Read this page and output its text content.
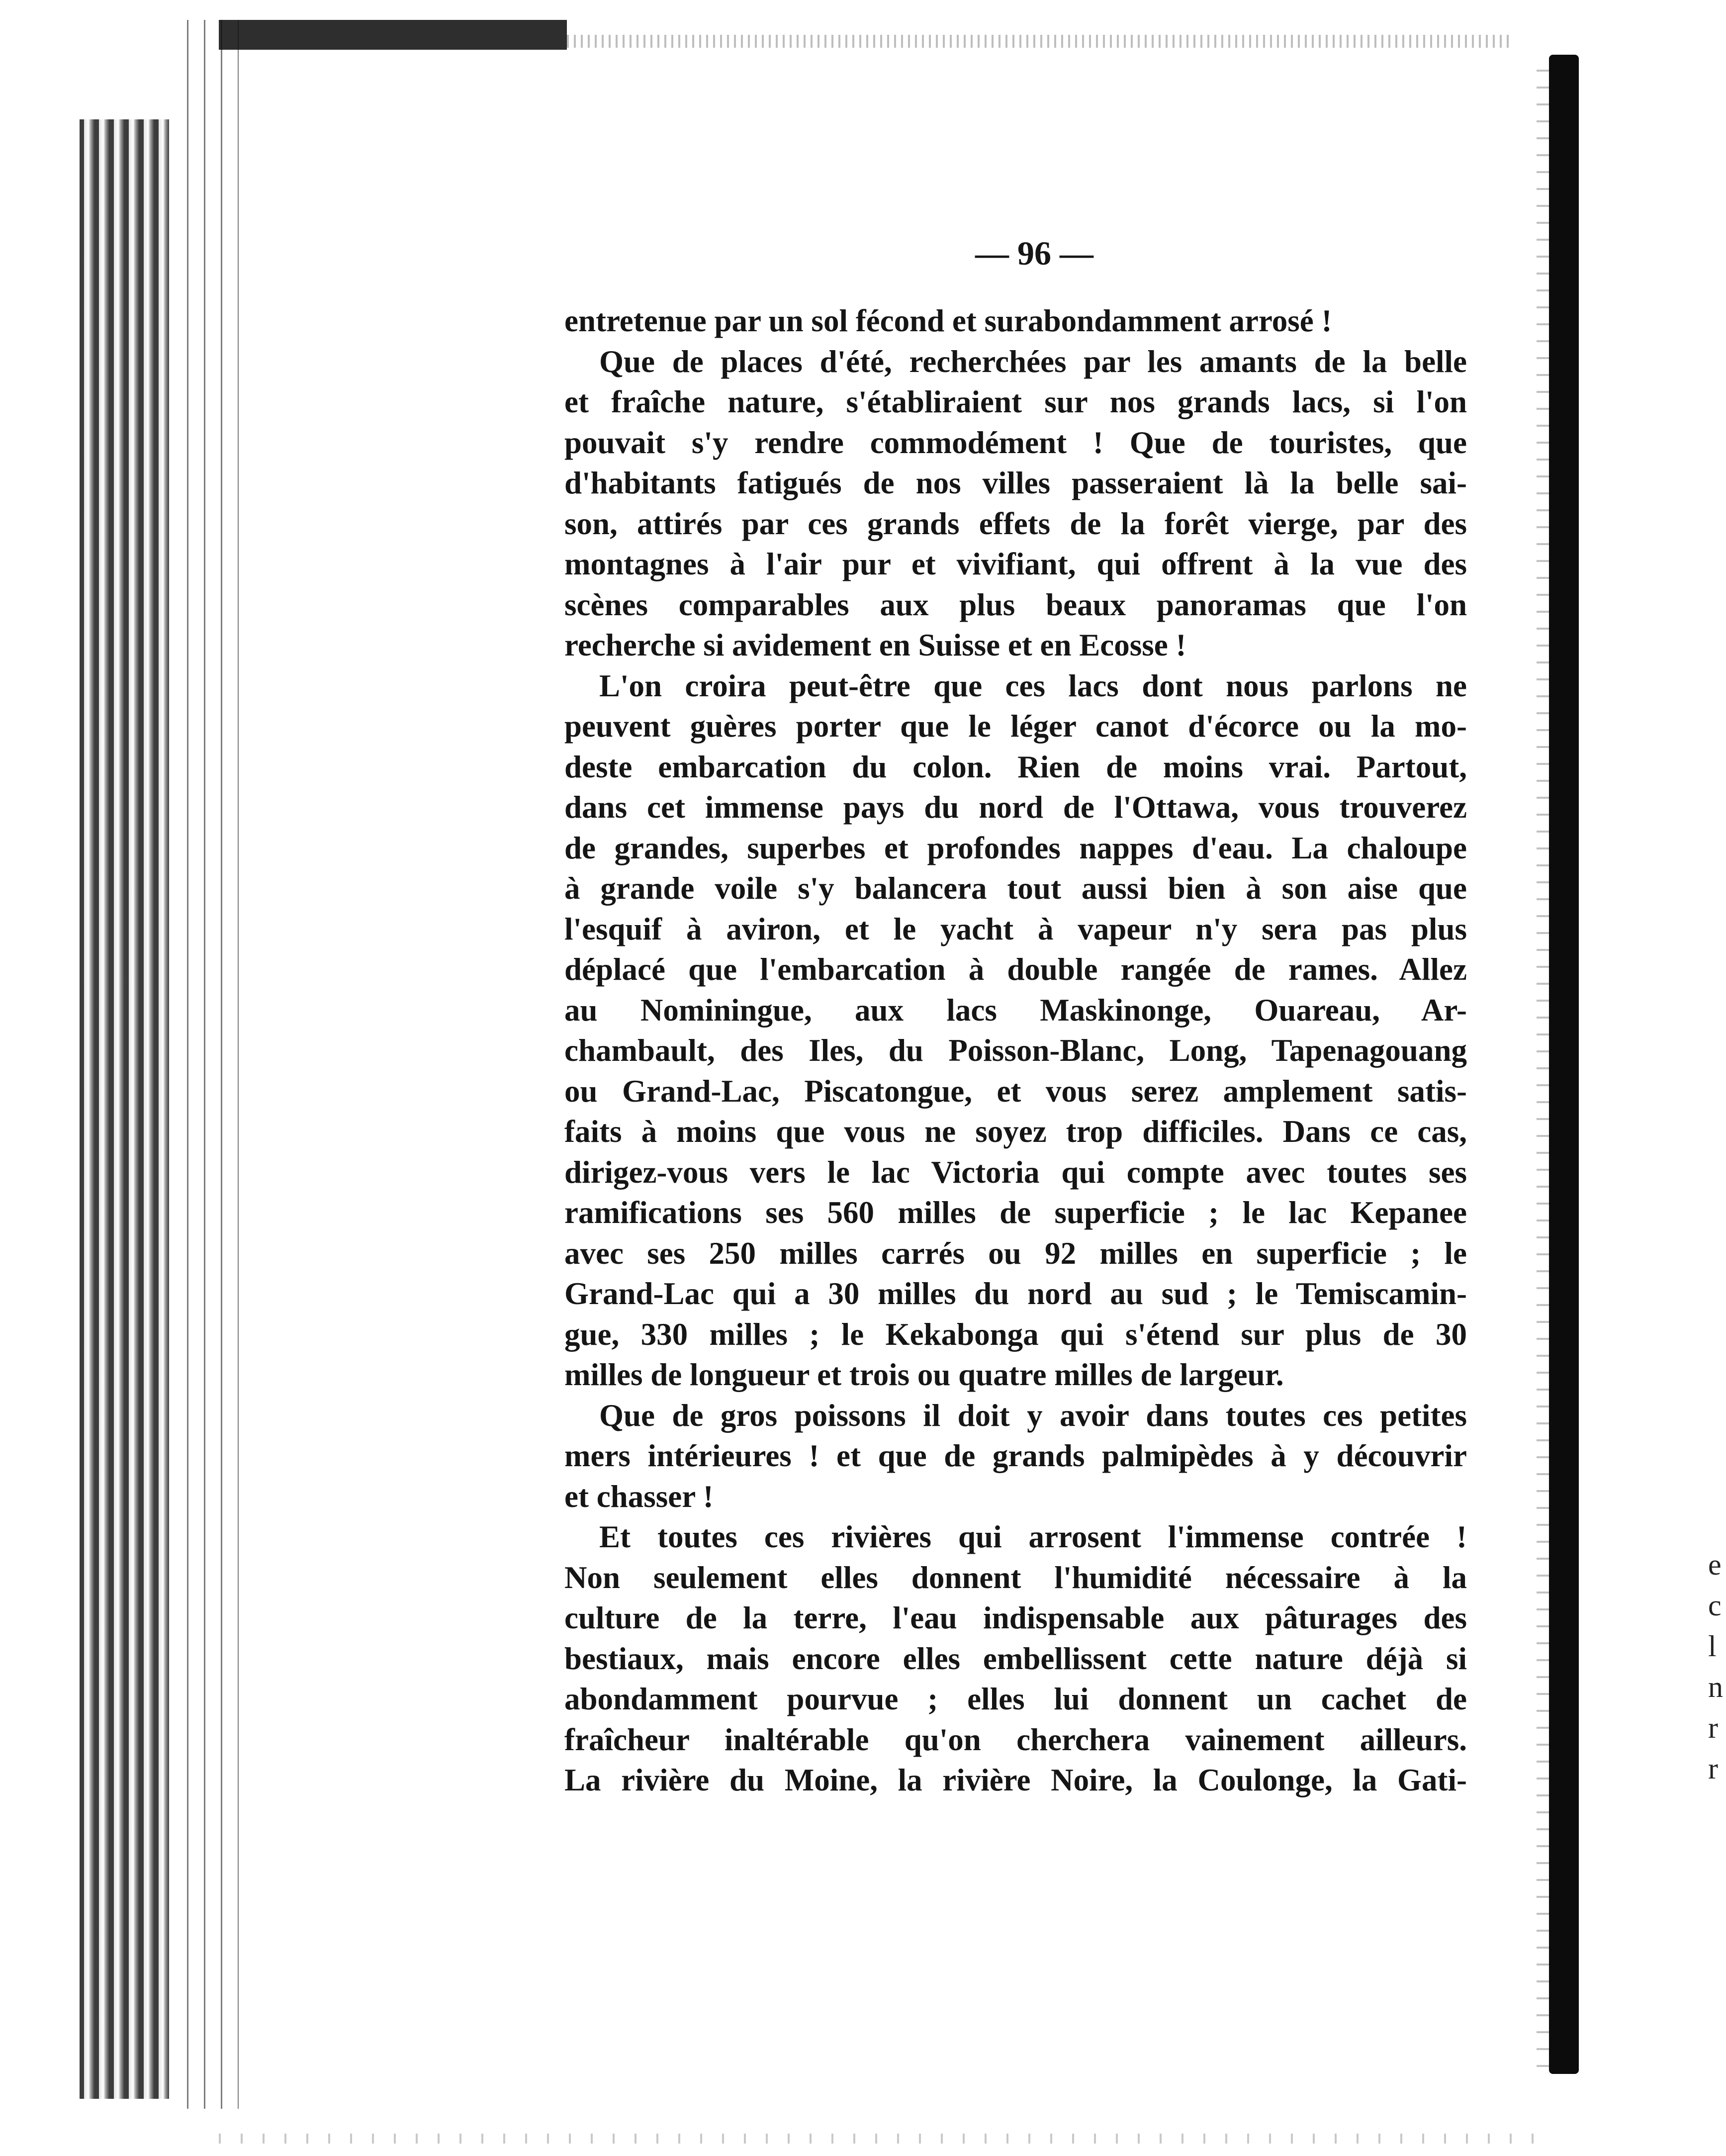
e
c
l
n
r
r
— 96 —
entretenue par un sol fécond et surabondamment arrosé !
Que de places d'été, recherchées par les amants de la belle
et fraîche nature, s'établiraient sur nos grands lacs, si l'on
pouvait s'y rendre commodément ! Que de touristes, que
d'habitants fatigués de nos villes passeraient là la belle sai-
son, attirés par ces grands effets de la forêt vierge, par des
montagnes à l'air pur et vivifiant, qui offrent à la vue des
scènes comparables aux plus beaux panoramas que l'on
recherche si avidement en Suisse et en Ecosse !
L'on croira peut-être que ces lacs dont nous parlons ne
peuvent guères porter que le léger canot d'écorce ou la mo-
deste embarcation du colon. Rien de moins vrai. Partout,
dans cet immense pays du nord de l'Ottawa, vous trouverez
de grandes, superbes et profondes nappes d'eau. La chaloupe
à grande voile s'y balancera tout aussi bien à son aise que
l'esquif à aviron, et le yacht à vapeur n'y sera pas plus
déplacé que l'embarcation à double rangée de rames. Allez
au Nominingue, aux lacs Maskinonge, Ouareau, Ar-
chambault, des Iles, du Poisson-Blanc, Long, Tapenagouang
ou Grand-Lac, Piscatongue, et vous serez amplement satis-
faits à moins que vous ne soyez trop difficiles. Dans ce cas,
dirigez-vous vers le lac Victoria qui compte avec toutes ses
ramifications ses 560 milles de superficie ; le lac Kepanee
avec ses 250 milles carrés ou 92 milles en superficie ; le
Grand-Lac qui a 30 milles du nord au sud ; le Temiscamin-
gue, 330 milles ; le Kekabonga qui s'étend sur plus de 30
milles de longueur et trois ou quatre milles de largeur.
Que de gros poissons il doit y avoir dans toutes ces petites
mers intérieures ! et que de grands palmipèdes à y découvrir
et chasser !
Et toutes ces rivières qui arrosent l'immense contrée !
Non seulement elles donnent l'humidité nécessaire à la
culture de la terre, l'eau indispensable aux pâturages des
bestiaux, mais encore elles embellissent cette nature déjà si
abondamment pourvue ; elles lui donnent un cachet de
fraîcheur inaltérable qu'on cherchera vainement ailleurs.
La rivière du Moine, la rivière Noire, la Coulonge, la Gati-
